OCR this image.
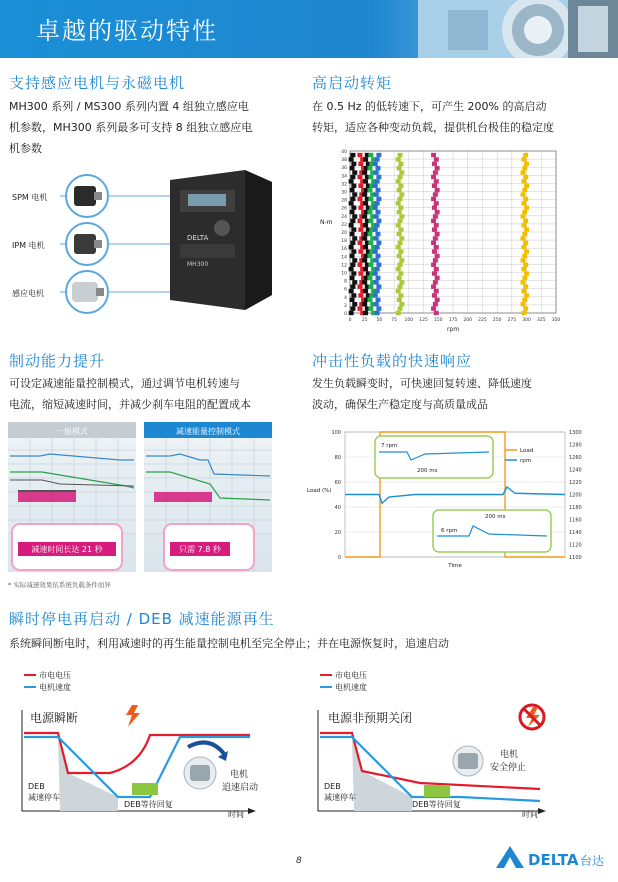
卓越的驱动特性
支持感应电机与永磁电机
MH300 系列 / MS300 系列内置 4 组独立感应电
机参数，MH300 系列最多可支持 8 组独立感应电
机参数
SPM 电机
IPM 电机
感应电机
DELTA
MH300
高启动转矩
在 0.5 Hz 的低转速下，可产生 200% 的高启动
转矩，适应各种变动负载，提供机台极佳的稳定度
0
2
4
6
8
10
12
14
16
18
20
22
24
26
28
30
32
34
36
38
40
0 25 50 75 100 125 150 175 200 225 250 275 300 325 350
N-m
rpm
制动能力提升
可设定减速能量控制模式，通过调节电机转速与
电流，缩短减速时间，并减少刹车电阻的配置成本
一般模式	减速能量控制模式
减速时间长达 21 秒	只需 7.8 秒
* 实际减速效果依系统负载条件而异
冲击性负载的快速响应
发生负载瞬变时，可快速回复转速、降低速度
波动，确保生产稳定度与高质量成品
0
20
40
60
80
100
1100
1120
1140
1160
1180
1200
1220
1240
1260
1280
1300
Load (%)
Time
Load
rpm
7 rpm
200 ms
6 rpm
200 ms
瞬时停电再启动 / DEB 减速能源再生
系统瞬间断电时，利用减速时的再生能量控制电机至完全停止；并在电源恢复时，追速启动
市电电压
电机速度
电源瞬断
DEB
减速停车
DEB等待回复
电机
追速启动
时间
市电电压
电机速度
电源非预期关闭
DEB
减速停车
DEB等待回复
电机
安全停止
时间
8	DELTA 台达
